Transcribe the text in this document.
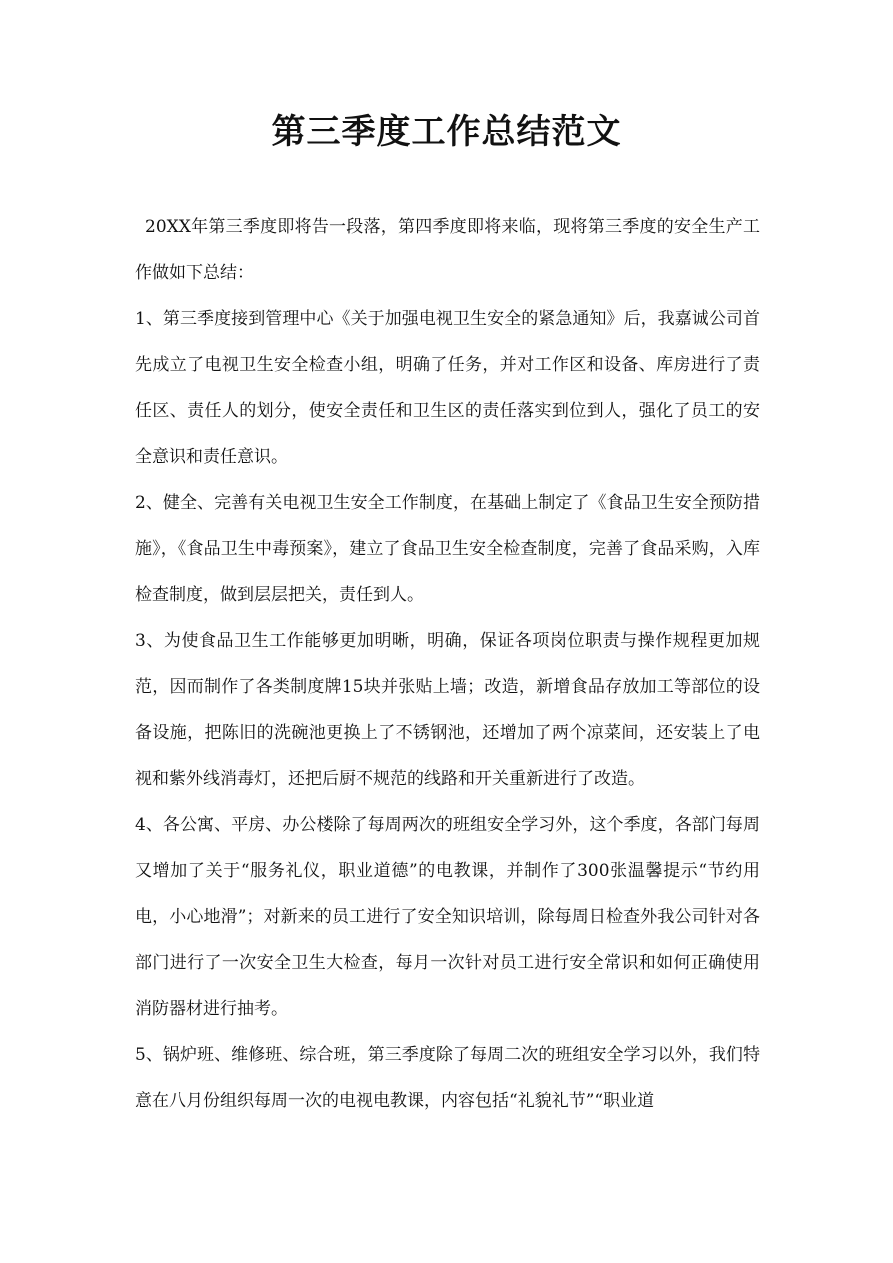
第三季度工作总结范文

20XX年第三季度即将告一段落，第四季度即将来临，现将第三季度的安全生产工作做如下总结：

1、第三季度接到管理中心《关于加强电视卫生安全的紧急通知》后，我嘉诚公司首先成立了电视卫生安全检查小组，明确了任务，并对工作区和设备、库房进行了责任区、责任人的划分，使安全责任和卫生区的责任落实到位到人，强化了员工的安全意识和责任意识。

2、健全、完善有关电视卫生安全工作制度，在基础上制定了《食品卫生安全预防措施》，《食品卫生中毒预案》，建立了食品卫生安全检查制度，完善了食品采购，入库检查制度，做到层层把关，责任到人。

3、为使食品卫生工作能够更加明晰，明确，保证各项岗位职责与操作规程更加规范，因而制作了各类制度牌15块并张贴上墙；改造，新增食品存放加工等部位的设备设施，把陈旧的洗碗池更换上了不锈钢池，还增加了两个凉菜间，还安装上了电视和紫外线消毒灯，还把后厨不规范的线路和开关重新进行了改造。

4、各公寓、平房、办公楼除了每周两次的班组安全学习外，这个季度，各部门每周又增加了关于“服务礼仪，职业道德”的电教课，并制作了300张温馨提示“节约用电，小心地滑”；对新来的员工进行了安全知识培训，除每周日检查外我公司针对各部门进行了一次安全卫生大检查，每月一次针对员工进行安全常识和如何正确使用消防器材进行抽考。

5、锅炉班、维修班、综合班，第三季度除了每周二次的班组安全学习以外，我们特意在八月份组织每周一次的电视电教课，内容包括“礼貌礼节”“职业道
